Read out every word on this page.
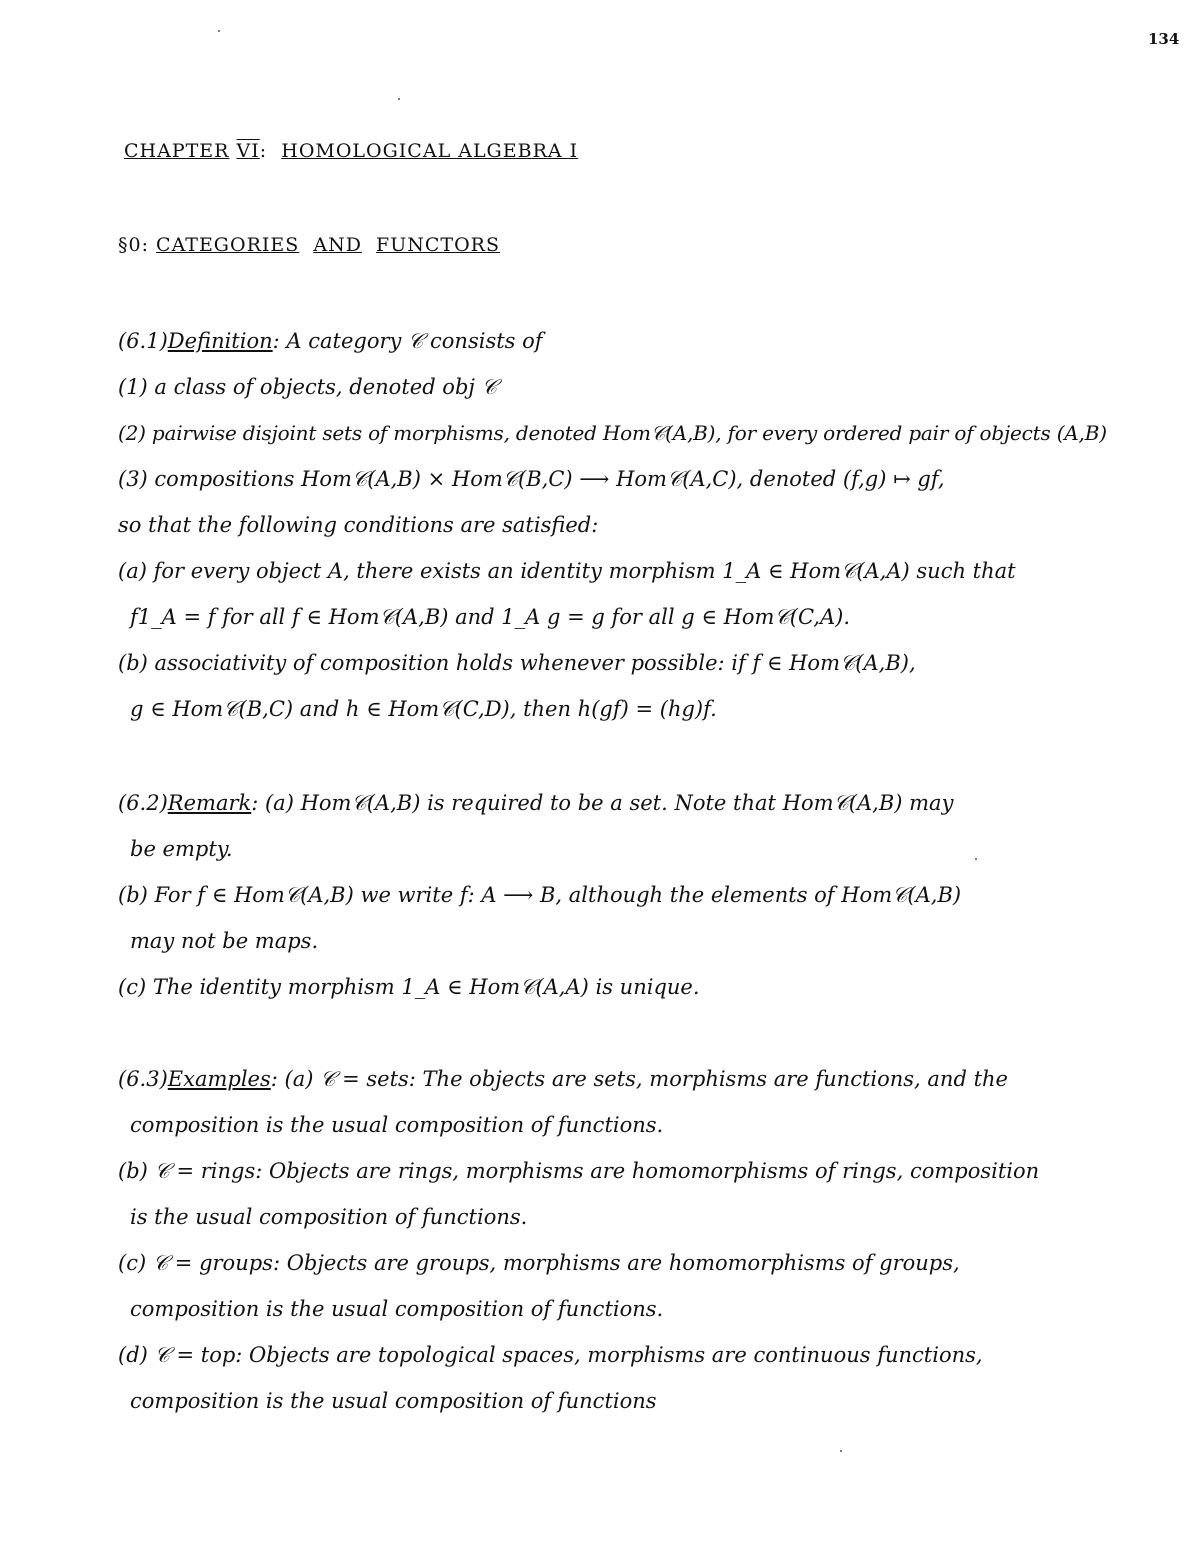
134
CHAPTER VI: HOMOLOGICAL ALGEBRA I
§0: CATEGORIES AND FUNCTORS
(6.1)Definition: A category 𝒞 consists of
(1) a class of objects, denoted obj 𝒞
(2) pairwise disjoint sets of morphisms, denoted Hom𝒞(A,B), for every ordered pair of objects (A,B)
(3) compositions Hom𝒞(A,B) × Hom𝒞(B,C) ⟶ Hom𝒞(A,C), denoted (f,g) ↦ gf,
so that the following conditions are satisfied:
(a) for every object A, there exists an identity morphism 1_A ∈ Hom𝒞(A,A) such that
f1_A = f for all f ∈ Hom𝒞(A,B) and 1_A g = g for all g ∈ Hom𝒞(C,A).
(b) associativity of composition holds whenever possible: if f ∈ Hom𝒞(A,B),
g ∈ Hom𝒞(B,C) and h ∈ Hom𝒞(C,D), then h(gf) = (hg)f.
(6.2)Remark: (a) Hom𝒞(A,B) is required to be a set. Note that Hom𝒞(A,B) may
be empty.
(b) For f ∈ Hom𝒞(A,B) we write f: A ⟶ B, although the elements of Hom𝒞(A,B)
may not be maps.
(c) The identity morphism 1_A ∈ Hom𝒞(A,A) is unique.
(6.3)Examples: (a) 𝒞 = sets: The objects are sets, morphisms are functions, and the
composition is the usual composition of functions.
(b) 𝒞 = rings: Objects are rings, morphisms are homomorphisms of rings, composition
is the usual composition of functions.
(c) 𝒞 = groups: Objects are groups, morphisms are homomorphisms of groups,
composition is the usual composition of functions.
(d) 𝒞 = top: Objects are topological spaces, morphisms are continuous functions,
composition is the usual composition of functions
